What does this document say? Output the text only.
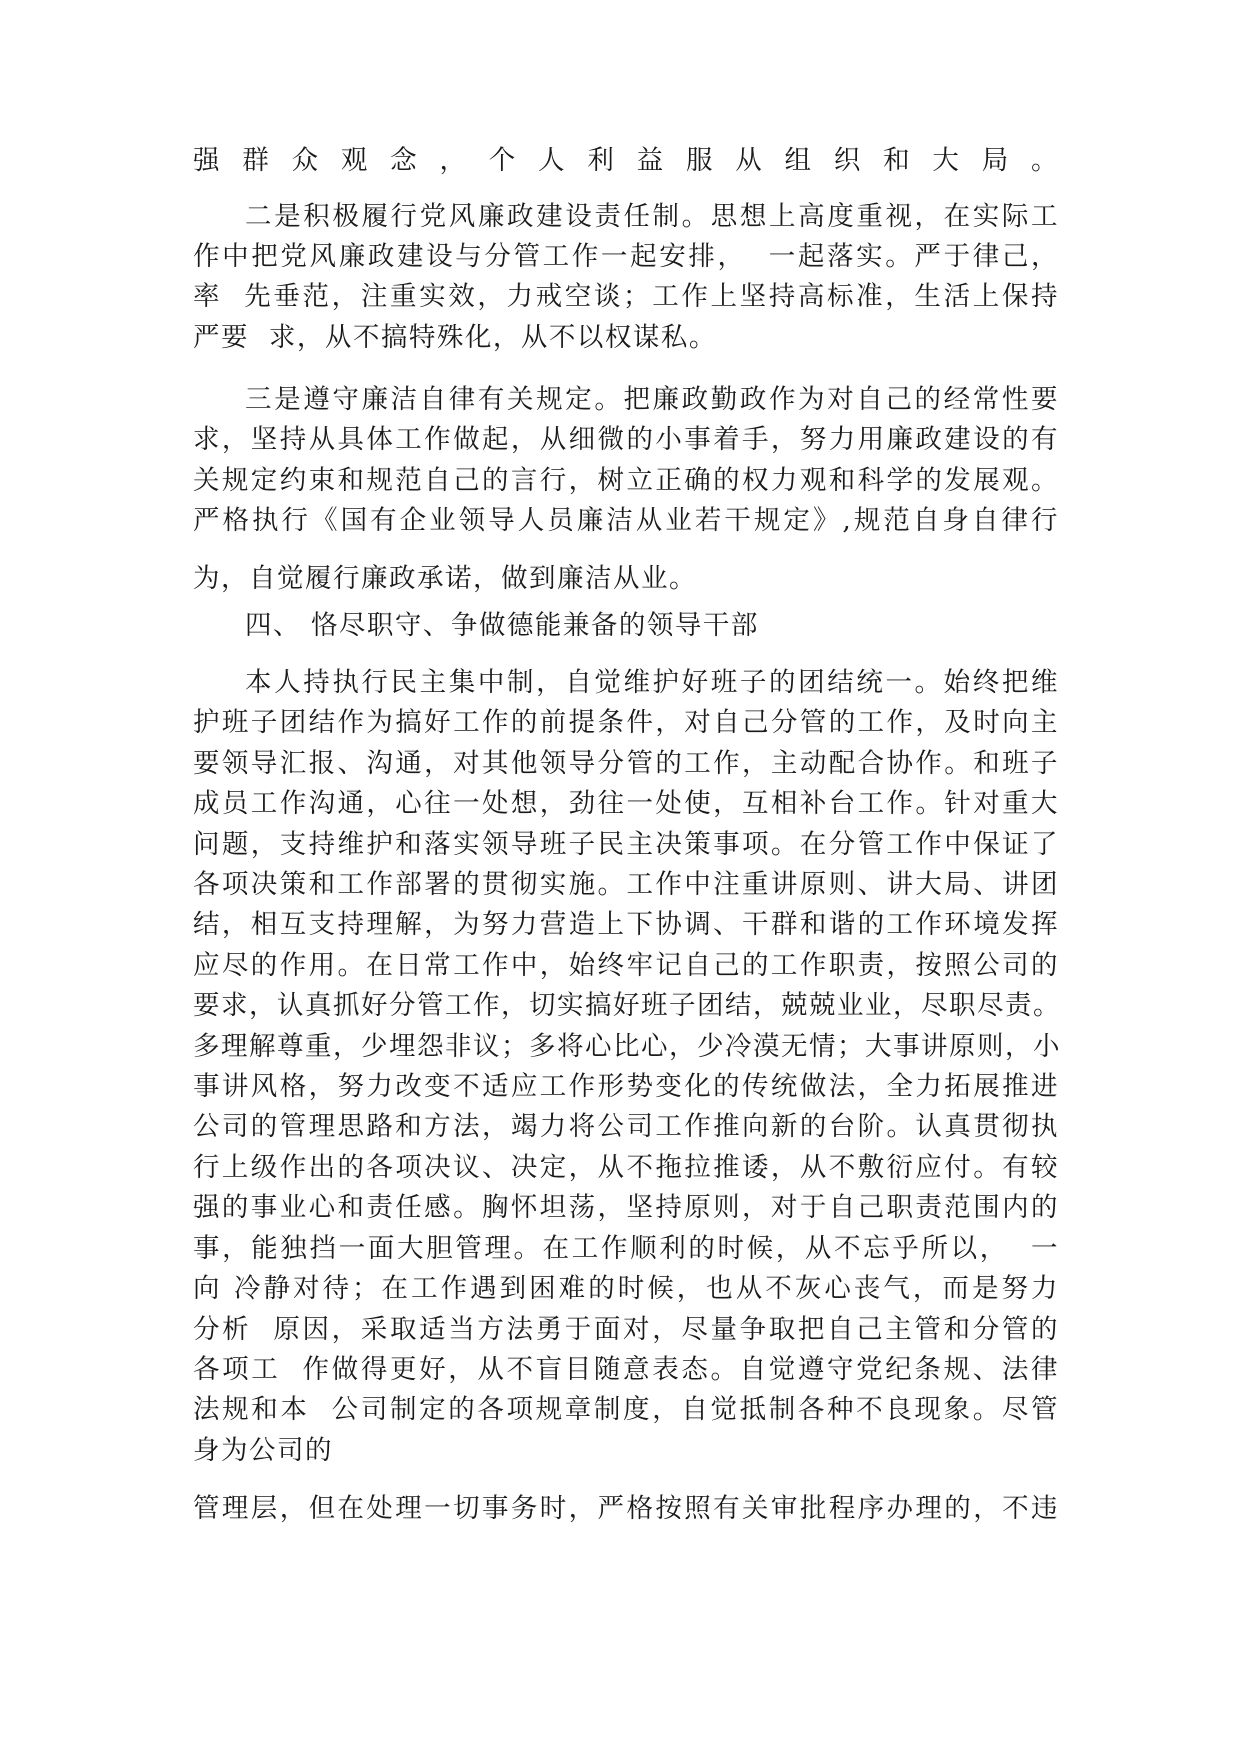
强群众观念，个人利益服从组织和大局。

二是积极履行党风廉政建设责任制。思想上高度重视，在实际工

作中把党风廉政建设与分管工作一起安排，  一起落实。严于律己，

率  先垂范，注重实效，力戒空谈；工作上坚持高标准，生活上保持

严要  求，从不搞特殊化，从不以权谋私。

三是遵守廉洁自律有关规定。把廉政勤政作为对自己的经常性要

求，坚持从具体工作做起，从细微的小事着手，努力用廉政建设的有

关规定约束和规范自己的言行，树立正确的权力观和科学的发展观。

严格执行《国有企业领导人员廉洁从业若干规定》,规范自身自律行

为，自觉履行廉政承诺，做到廉洁从业。

四、 恪尽职守、争做德能兼备的领导干部

本人持执行民主集中制，自觉维护好班子的团结统一。始终把维

护班子团结作为搞好工作的前提条件，对自己分管的工作，及时向主

要领导汇报、沟通，对其他领导分管的工作，主动配合协作。和班子

成员工作沟通，心往一处想，劲往一处使，互相补台工作。针对重大

问题，支持维护和落实领导班子民主决策事项。在分管工作中保证了

各项决策和工作部署的贯彻实施。工作中注重讲原则、讲大局、讲团

结，相互支持理解，为努力营造上下协调、干群和谐的工作环境发挥

应尽的作用。在日常工作中，始终牢记自己的工作职责，按照公司的

要求，认真抓好分管工作，切实搞好班子团结，兢兢业业，尽职尽责。

多理解尊重，少埋怨非议；多将心比心，少冷漠无情；大事讲原则，小

事讲风格，努力改变不适应工作形势变化的传统做法，全力拓展推进

公司的管理思路和方法，竭力将公司工作推向新的台阶。认真贯彻执

行上级作出的各项决议、决定，从不拖拉推诿，从不敷衍应付。有较

强的事业心和责任感。胸怀坦荡，坚持原则，对于自己职责范围内的

事，能独挡一面大胆管理。在工作顺利的时候，从不忘乎所以，  一

向 冷静对待；在工作遇到困难的时候，也从不灰心丧气，而是努力

分析  原因，采取适当方法勇于面对，尽量争取把自己主管和分管的

各项工  作做得更好，从不盲目随意表态。自觉遵守党纪条规、法律

法规和本  公司制定的各项规章制度，自觉抵制各种不良现象。尽管

身为公司的

管理层，但在处理一切事务时，严格按照有关审批程序办理的，不违
